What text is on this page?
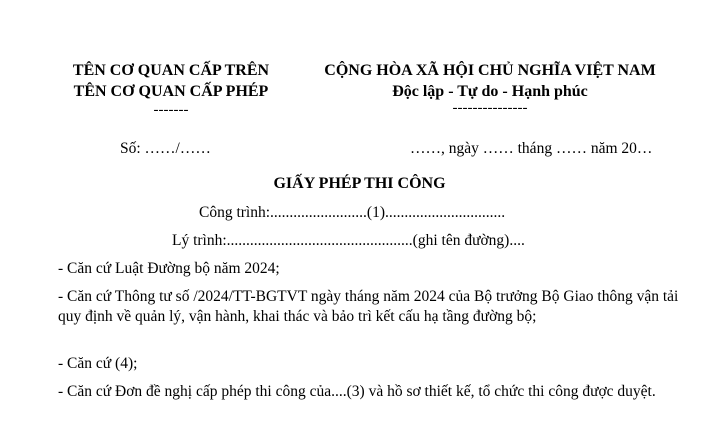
TÊN CƠ QUAN CẤP TRÊN
TÊN CƠ QUAN CẤP PHÉP
-------
CỘNG HÒA XÃ HỘI CHỦ NGHĨA VIỆT NAM
Độc lập - Tự do - Hạnh phúc
---------------
Số: ……/……	……, ngày …… tháng …… năm 20…
GIẤY PHÉP THI CÔNG
Công trình:.........................(1)...............................
Lý trình:................................................(ghi tên đường)....
- Căn cứ Luật Đường bộ năm 2024;
- Căn cứ Thông tư số /2024/TT-BGTVT ngày tháng năm 2024 của Bộ trưởng Bộ Giao thông vận tải quy định về quản lý, vận hành, khai thác và bảo trì kết cấu hạ tầng đường bộ;
- Căn cứ (4);
- Căn cứ Đơn đề nghị cấp phép thi công của....(3) và hồ sơ thiết kế, tổ chức thi công được duyệt.
